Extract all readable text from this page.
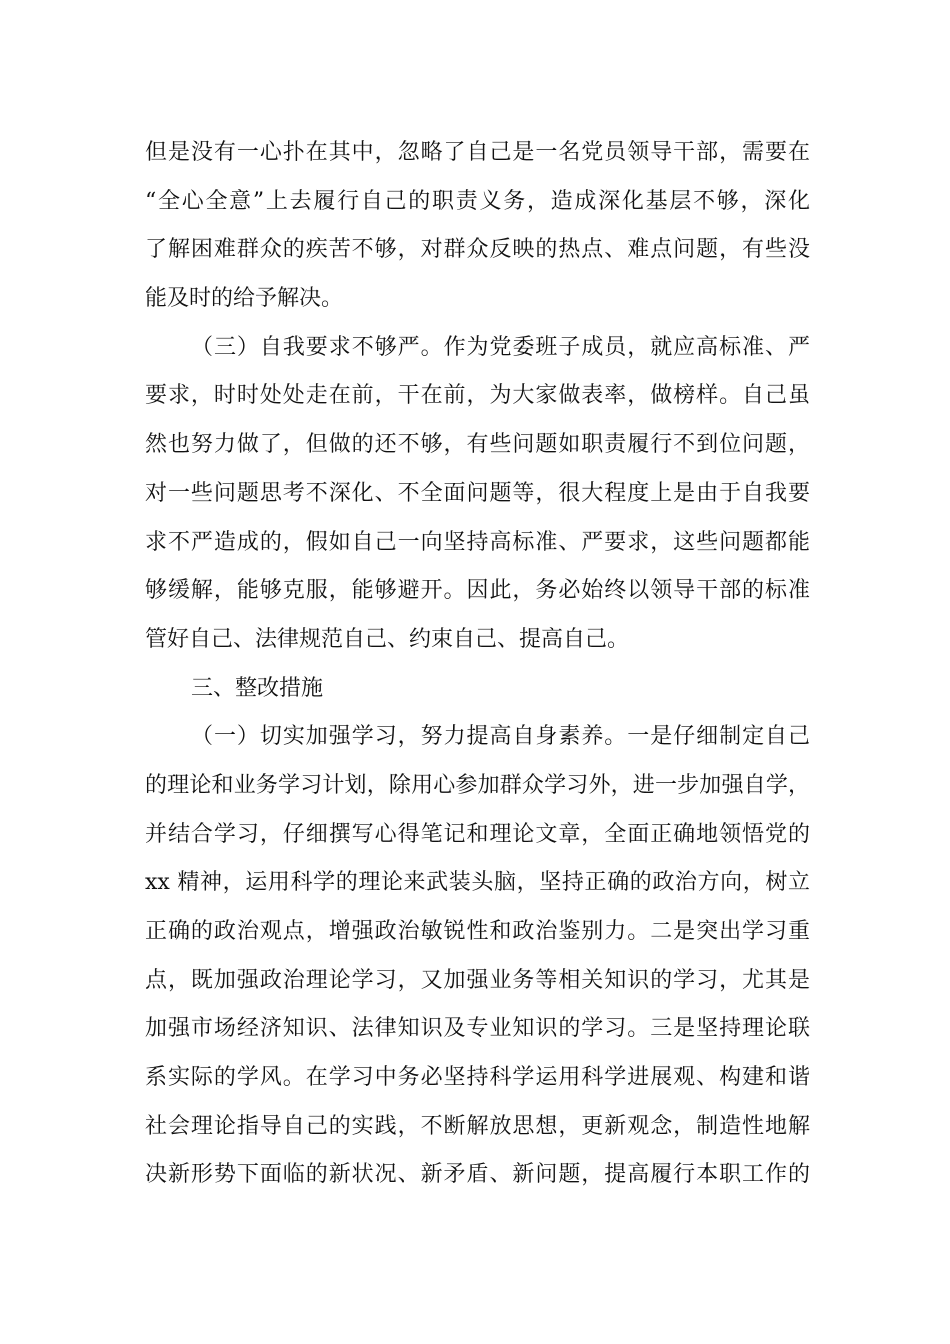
但是没有一心扑在其中，忽略了自己是一名党员领导干部，需要在
“全心全意”上去履行自己的职责义务，造成深化基层不够，深化
了解困难群众的疾苦不够，对群众反映的热点、难点问题，有些没
能及时的给予解决。
（三）自我要求不够严。作为党委班子成员，就应高标准、严
要求，时时处处走在前，干在前，为大家做表率，做榜样。自己虽
然也努力做了，但做的还不够，有些问题如职责履行不到位问题，
对一些问题思考不深化、不全面问题等，很大程度上是由于自我要
求不严造成的，假如自己一向坚持高标准、严要求，这些问题都能
够缓解，能够克服，能够避开。因此，务必始终以领导干部的标准
管好自己、法律规范自己、约束自己、提高自己。
三、整改措施
（一）切实加强学习，努力提高自身素养。一是仔细制定自己
的理论和业务学习计划，除用心参加群众学习外，进一步加强自学，
并结合学习，仔细撰写心得笔记和理论文章，全面正确地领悟党的
xx 精神，运用科学的理论来武装头脑，坚持正确的政治方向，树立
正确的政治观点，增强政治敏锐性和政治鉴别力。二是突出学习重
点，既加强政治理论学习，又加强业务等相关知识的学习，尤其是
加强市场经济知识、法律知识及专业知识的学习。三是坚持理论联
系实际的学风。在学习中务必坚持科学运用科学进展观、构建和谐
社会理论指导自己的实践，不断解放思想，更新观念，制造性地解
决新形势下面临的新状况、新矛盾、新问题，提高履行本职工作的
